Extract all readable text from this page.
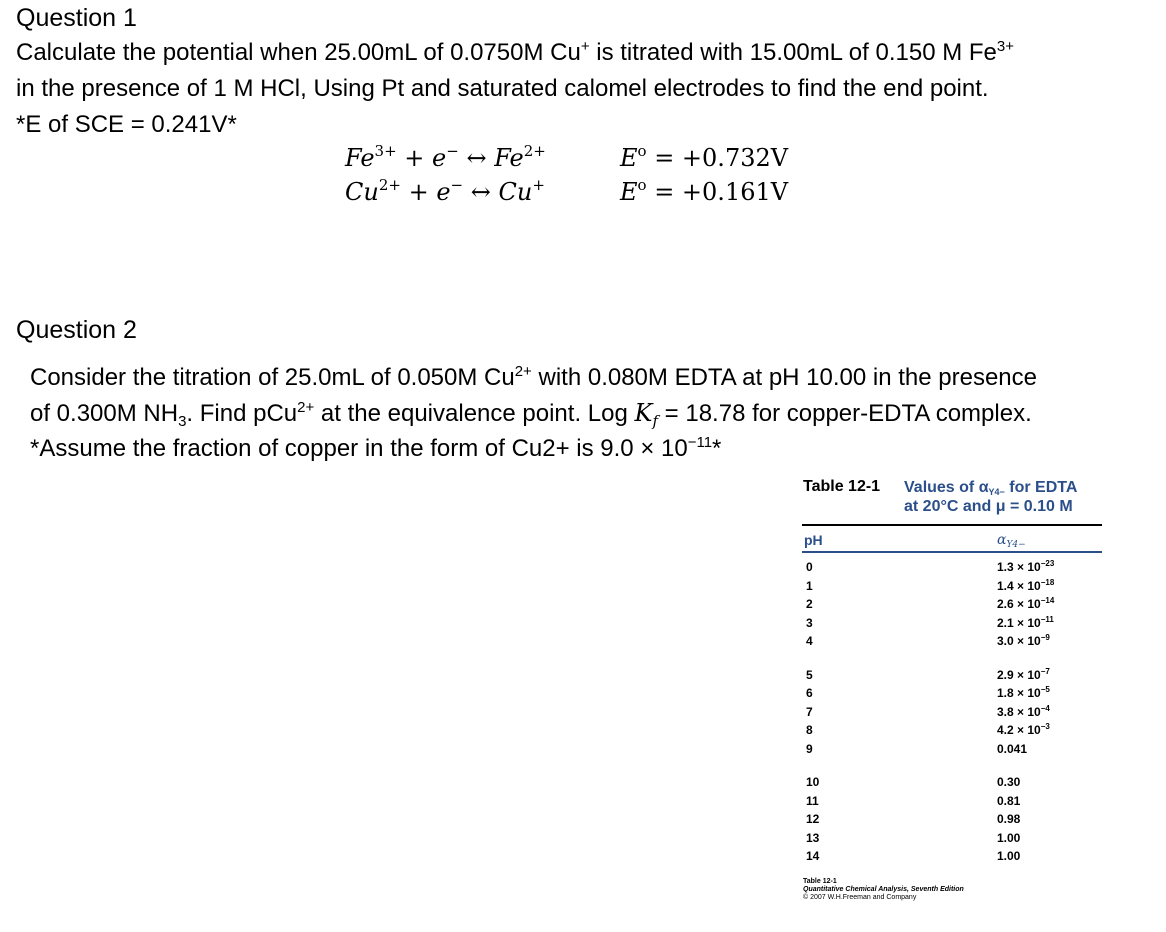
Question 1
Calculate the potential when 25.00mL of 0.0750M Cu+ is titrated with 15.00mL of 0.150 M $Fe^{3+}$
in the presence of 1 M HCl, Using Pt and saturated calomel electrodes to find the end point.
*E of SCE = 0.241V*
$Fe^{3+} + e^-$ ↔ $Fe^{2+}$	$E^o = +0.732V$
$Cu^{2+} + e^-$ ↔ Cu+	$E^o = +0.161V$
Question 2
Consider the titration of 25.0mL of 0.050M $Cu^{2+}$ with 0.080M EDTA at pH 10.00 in the presence
of 0.300M $NH_3$. Find pCu$^{2+}$ at the equivalence point. Log $K_f = 18.78$ for copper-EDTA complex.
*Assume the fraction of copper in the form of Cu2+ is $9.0 \times 10^{-11}*$
Table 12-1 Values of $\alpha_{Y4-}$ for EDTA
at 20°C and μ = 0.10 M
pH	$\alpha_{Y4-}$
0	$1.3 \times 10^{-23}$
1	$1.4 \times 10^{-18}$
2	$2.6 \times 10^{-14}$
3	$2.1 \times 10^{-11}$
4	$3.0 \times 10^{-9}$
5	$2.9 \times 10^{-7}$
6	$1.8 \times 10^{-5}$
7	$3.8 \times 10^{-4}$
8	$4.2 \times 10^{-3}$
9	0.041
10	0.30
11	0.81
12	0.98
13	1.00
14	1.00
Table 12-1
Quantitative Chemical Analysis, Seventh Edition
© 2007 W.H.Freeman and Company
